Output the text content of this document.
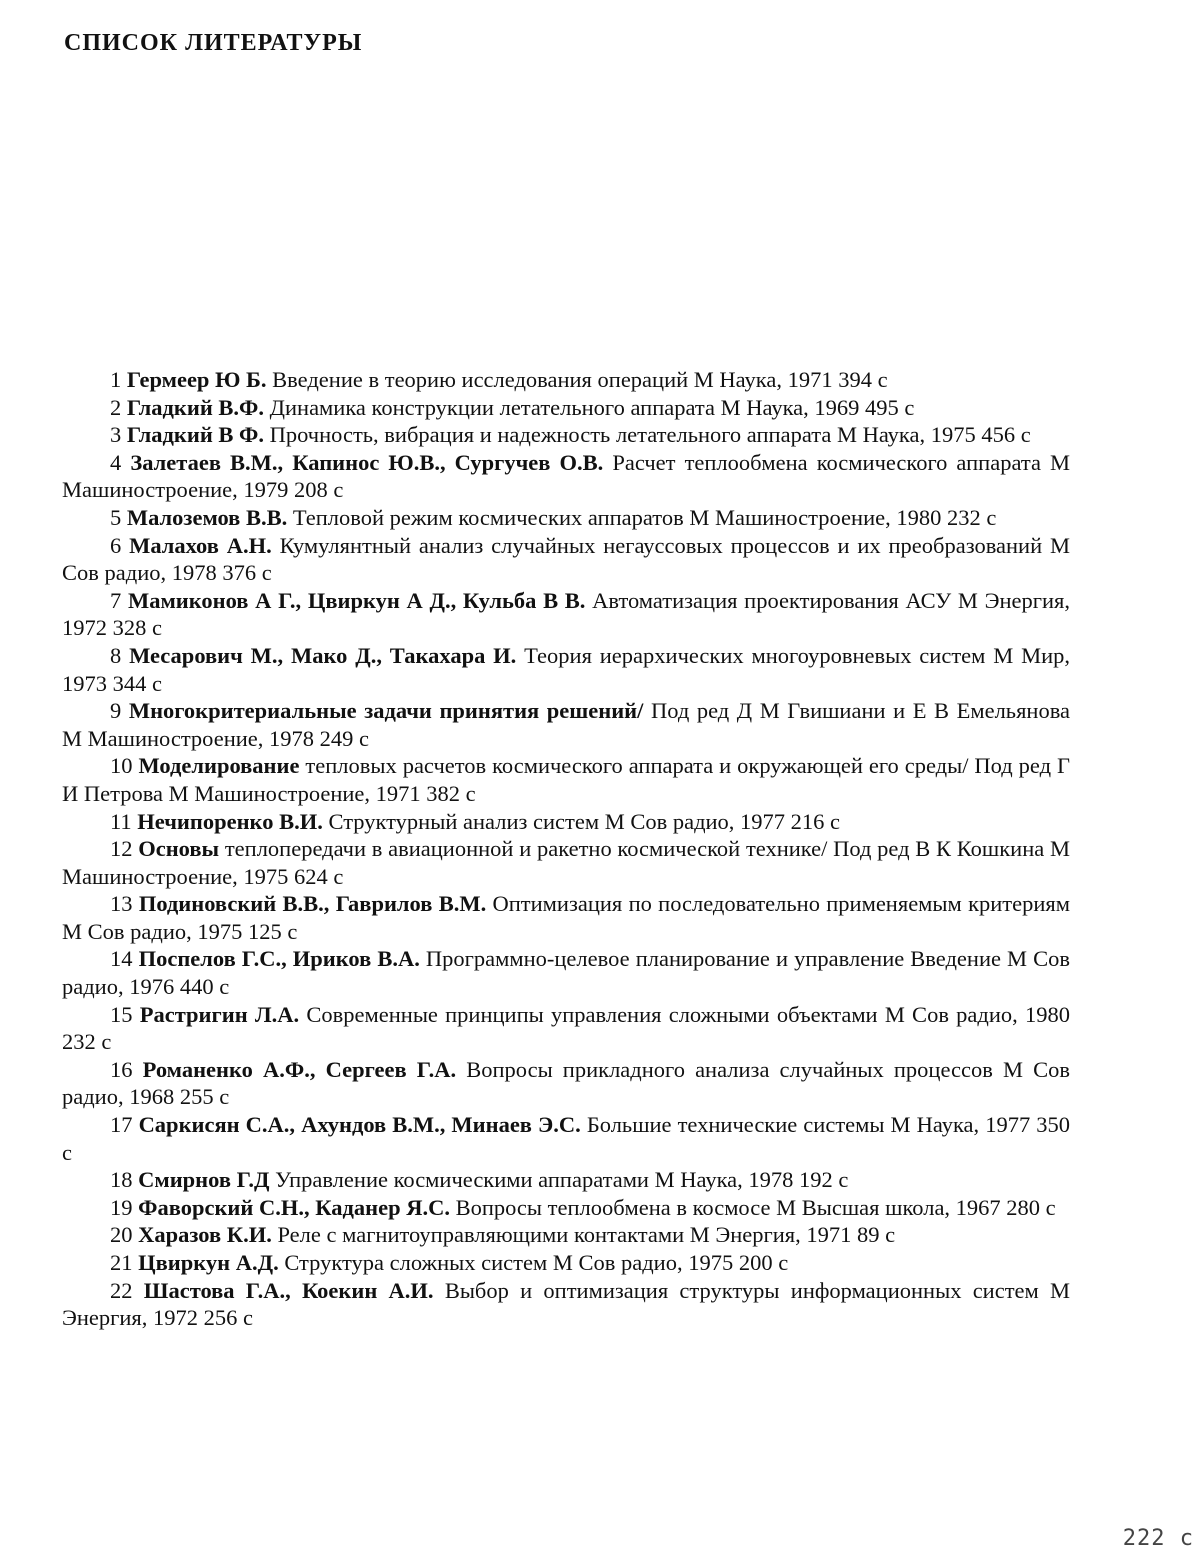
СПИСОК ЛИТЕРАТУРЫ
1 Гермеер Ю Б. Введение в теорию исследования операций М Наука, 1971 394 с
2 Гладкий В.Ф. Динамика конструкции летательного аппарата М Наука, 1969 495 с
3 Гладкий В Ф. Прочность, вибрация и надежность летательного аппарата М Наука, 1975 456 с
4 Залетаев В.М., Капинос Ю.В., Сургучев О.В. Расчет теплообмена космического аппарата М Машиностроение, 1979 208 с
5 Малоземов В.В. Тепловой режим космических аппаратов М Машиностроение, 1980 232 с
6 Малахов А.Н. Кумулянтный анализ случайных негауссовых процессов и их преобразований М Сов радио, 1978 376 с
7 Мамиконов А Г., Цвиркун А Д., Кульба В В. Автоматизация проектирования АСУ М Энергия, 1972 328 с
8 Месарович М., Мако Д., Такахара И. Теория иерархических многоуровневых систем М Мир, 1973 344 с
9 Многокритериальные задачи принятия решений/ Под ред Д М Гвишиани и Е В Емельянова М Машиностроение, 1978 249 с
10 Моделирование тепловых расчетов космического аппарата и окружающей его среды/ Под ред Г И Петрова М Машиностроение, 1971 382 с
11 Нечипоренко В.И. Структурный анализ систем М Сов радио, 1977 216 с
12 Основы теплопередачи в авиационной и ракетно космической технике/ Под ред В К Кошкина М Машиностроение, 1975 624 с
13 Подиновский В.В., Гаврилов В.М. Оптимизация по последовательно применяемым критериям М Сов радио, 1975 125 с
14 Поспелов Г.С., Ириков В.А. Программно-целевое планирование и управление Введение М Сов радио, 1976 440 с
15 Растригин Л.А. Современные принципы управления сложными объектами М Сов радио, 1980 232 с
16 Романенко А.Ф., Сергеев Г.А. Вопросы прикладного анализа случайных процессов М Сов радио, 1968 255 с
17 Саркисян С.А., Ахундов В.М., Минаев Э.С. Большие технические системы М Наука, 1977 350 с
18 Смирнов Г.Д Управление космическими аппаратами М Наука, 1978 192 с
19 Фаворский С.Н., Каданер Я.С. Вопросы теплообмена в космосе М Высшая школа, 1967 280 с
20 Харазов К.И. Реле с магнитоуправляющими контактами М Энергия, 1971 89 с
21 Цвиркун А.Д. Структура сложных систем М Сов радио, 1975 200 с
22 Шастова Г.А., Коекин А.И. Выбор и оптимизация структуры информационных систем М Энергия, 1972 256 с
222 с
